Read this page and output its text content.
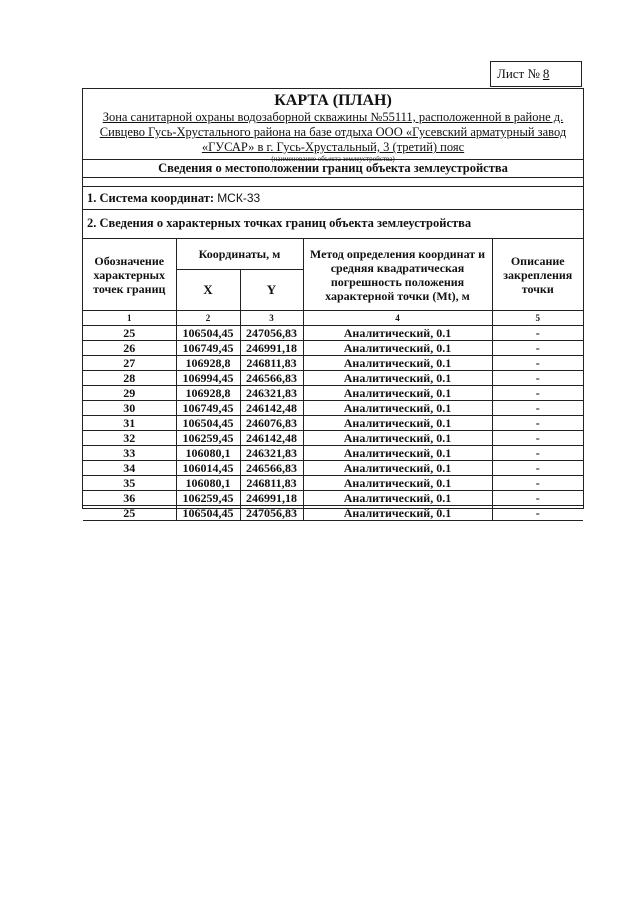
Лист № 8
КАРТА (ПЛАН)
Зона санитарной охраны водозаборной скважины №55111, расположенной в районе д.
Сивцево Гусь-Хрустального района на базе отдыха ООО «Гусевский арматурный завод
«ГУСАР» в г. Гусь-Хрустальный, 3 (третий) пояс
(наименование объекта землеустройства)
Сведения о местоположении границ объекта землеустройства
1. Система координат: МСК-33
2. Сведения о характерных точках границ объекта землеустройства
Обозначение характерных точек границ	Координаты, м		Метод определения координат и средняя квадратическая погрешность положения характерной точки (Mt), м	Описание закрепления точки
	X	Y		
1	2	3	4	5
25	106504,45	247056,83	Аналитический, 0.1	-
26	106749,45	246991,18	Аналитический, 0.1	-
27	106928,8	246811,83	Аналитический, 0.1	-
28	106994,45	246566,83	Аналитический, 0.1	-
29	106928,8	246321,83	Аналитический, 0.1	-
30	106749,45	246142,48	Аналитический, 0.1	-
31	106504,45	246076,83	Аналитический, 0.1	-
32	106259,45	246142,48	Аналитический, 0.1	-
33	106080,1	246321,83	Аналитический, 0.1	-
34	106014,45	246566,83	Аналитический, 0.1	-
35	106080,1	246811,83	Аналитический, 0.1	-
36	106259,45	246991,18	Аналитический, 0.1	-
25	106504,45	247056,83	Аналитический, 0.1	-
